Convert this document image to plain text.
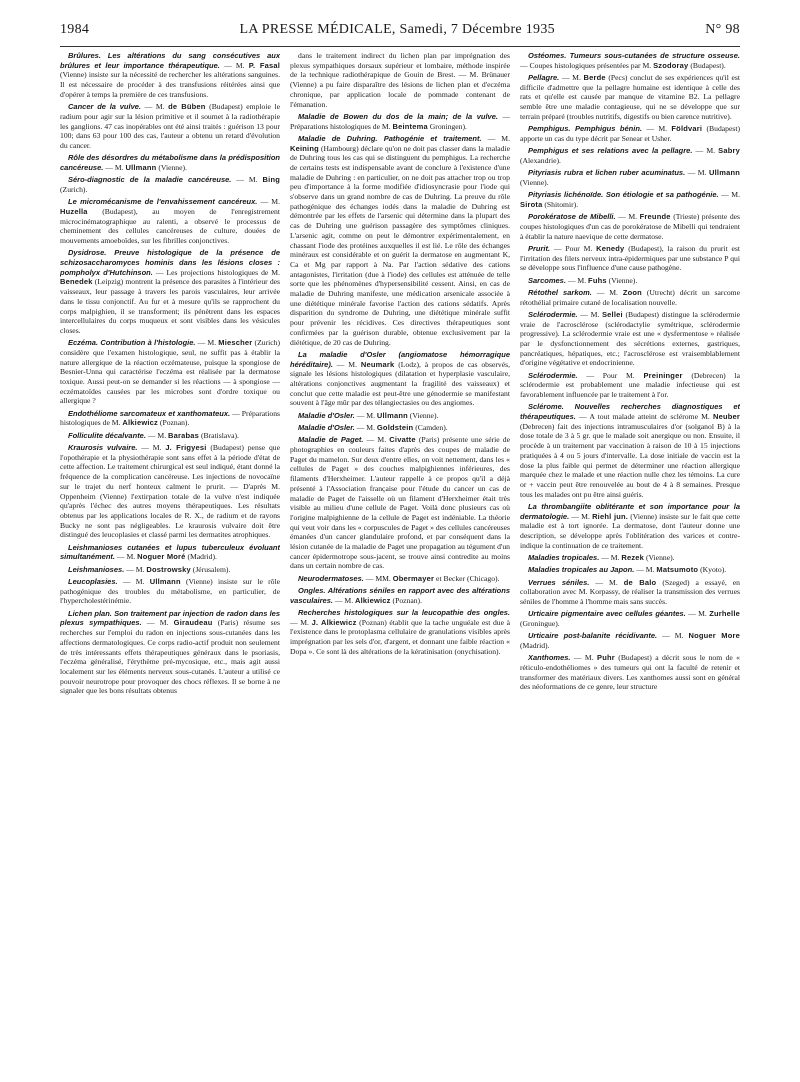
1984	LA PRESSE MÉDICALE, Samedi, 7 Décembre 1935	N° 98

Brûlures. Les altérations du sang consécutives aux brûlures et leur importance thérapeutique. — M. P. Fasal (Vienne) insiste sur la nécessité de rechercher les altérations sanguines. Il est nécessaire de procéder à des transfusions réitérées ainsi que d'opérer à temps la première de ces transfusions.

Cancer de la vulve. — M. de Büben (Budapest) emploie le radium pour agir sur la lésion primitive et il soumet à la radiothérapie les ganglions. 47 cas inopérables ont été ainsi traités : guérison 13 pour 100; dans 63 pour 100 des cas, l'auteur a obtenu un retard d'évolution du cancer.

Rôle des désordres du métabolisme dans la prédisposition cancéreuse. — M. Ullmann (Vienne).

Séro-diagnostic de la maladie cancéreuse. — M. Bing (Zurich).

Le micromécanisme de l'envahissement cancéreux. — M. Huzella (Budapest), au moyen de l'enregistrement microcinématographique au ralenti, a observé le processus de cheminement des cellules cancéreuses de culture, douées de mouvements amoeboïdes, sur les fibrilles conjonctives.

Dysidrose. Preuve histologique de la présence de schizosaccharomyces hominis dans les lésions closes : pompholyx d'Hutchinson. — Les projections histologiques de M. Benedek (Leipzig) montrent la présence des parasites à l'intérieur des vaisseaux, leur passage à travers les parois vasculaires, leur arrivée dans le tissu conjonctif. Au fur et à mesure qu'ils se rapprochent du corps malpighien, il se transforment; ils pénètrent dans les espaces intercellulaires du corps muqueux et sont visibles dans les vésicules closes.

Eczéma. Contribution à l'histologie. — M. Miescher (Zurich) considère que l'examen histologique, seul, ne suffit pas à établir la nature allergique de la réaction eczémateuse, puisque la spongiose de Besnier-Unna qui caractérise l'eczéma est réalisée par la dermatose toxique. Aussi peut-on se demander si les réactions — à spongiose — eczématoïdes causées par les microbes sont d'ordre toxique ou allergique ?

Endothéliome sarcomateux et xanthomateux. — Préparations histologiques de M. Alkiewicz (Poznan).

Folliculite décalvante. — M. Barabas (Bratislava).

Kraurosis vulvaire. — M. J. Frigyesi (Budapest) pense que l'opothérapie et la physiothérapie sont sans effet à la période d'état de cette affection. Le traitement chirurgical est seul indiqué, étant donné la fréquence de la complication cancéreuse. Les injections de novocaïne sur le trajet du nerf honteux calment le prurit. — D'après M. Oppenheim (Vienne) l'extirpation totale de la vulve n'est indiquée qu'après l'échec des autres moyens thérapeutiques. Les résultats obtenus par les applications locales de R. X., de radium et de rayons Bucky ne sont pas négligeables. Le kraurosis vulvaire doit être distingué des leucoplasies et classé parmi les dermatites atrophiques.

Leishmanioses cutanées et lupus tuberculeux évoluant simultanément. — M. Noguer Moré (Madrid).

Leishmanioses. — M. Dostrowsky (Jérusalem).

Leucoplasies. — M. Ullmann (Vienne) insiste sur le rôle pathogénique des troubles du métabolisme, en particulier, de l'hypercholestérinémie.

Lichen plan. Son traitement par injection de radon dans les plexus sympathiques. — M. Giraudeau (Paris) résume ses recherches sur l'emploi du radon en injections sous-cutanées dans les affections dermatologiques. Ce corps radio-actif produit non seulement de très intéressants effets thérapeutiques généraux dans le psoriasis, l'eczéma généralisé, l'érythème pré-mycosique, etc., mais agit aussi localement sur les éléments nerveux sous-cutanés. L'auteur a utilisé ce pouvoir neurotrope pour provoquer des chocs réflexes. Il se borne à ne signaler que les bons résultats obtenus

dans le traitement indirect du lichen plan par imprégnation des plexus sympathiques dorsaux supérieur et lombaire, méthode inspirée de la technique radiothérapique de Gouin de Brest. — M. Brünauer (Vienne) a pu faire disparaître des lésions de lichen plan et d'eczéma chronique, par application locale de pommade contenant de l'émanation.

Maladie de Bowen du dos de la main; de la vulve. — Préparations histologiques de M. Beintema Groningen).

Maladie de Duhring. Pathogénie et traitement. — M. Keining (Hambourg) déclare qu'on ne doit pas classer dans la maladie de Duhring tous les cas qui se distinguent du pemphigus. La recherche de certains tests est indispensable avant de conclure à l'existence d'une maladie de Duhring : en particulier, on ne doit pas attacher trop ou trop peu d'importance à la forme modifiée d'idiosyncrasie pour l'iode qui s'observe dans un grand nombre de cas de Duhring. La preuve du rôle pathogénique des échanges iodés dans la maladie de Duhring est démontrée par les effets de l'arsenic qui détermine dans la plupart des cas de Duhring une guérison passagère des symptômes cliniques. L'arsenic agit, comme on peut le démontrer expérimentalement, en chassant l'iode des protéines auxquelles il est lié. Le rôle des échanges minéraux est considérable et on guérit la dermatose en augmentant K, Ca et Mg par rapport à Na. Par l'action sédative des cations antagonistes, l'irritation (due à l'iode) des cellules est atténuée de telle sorte que les phénomènes d'hypersensibilité cessent. Ainsi, en cas de maladie de Duhring manifeste, une médication arsenicale associée à une diététique minérale favorise l'action des cations sédatifs. Après disparition du syndrome de Duhring, une diététique minérale suffit pour prévenir les récidives. Ces directives thérapeutiques sont confirmées par la guérison durable, obtenue exclusivement par la diététique, de 20 cas de Duhring.

La maladie d'Osler (angiomatose hémorragique héréditaire). — M. Neumark (Lodz), à propos de cas observés, signale les lésions histologiques (dilatation et hyperplasie vasculaire, altérations conjonctives augmentant la fragilité des vaisseaux) et conclut que cette maladie est peut-être une génodermie se manifestant souvent à l'âge mûr par des télangiectasies ou des angiomes.

Maladie d'Osler. — M. Ullmann (Vienne).

Maladie d'Osler. — M. Goldstein (Camden).

Maladie de Paget. — M. Civatte (Paris) présente une série de photographies en couleurs faites d'après des coupes de maladie de Paget du mamelon. Sur deux d'entre elles, on voit nettement, dans les « cellules de Paget » des couches malpighiennes inférieures, des filaments d'Herxheimer. L'auteur rappelle à ce propos qu'il a déjà présenté à l'Association française pour l'étude du cancer un cas de maladie de Paget de l'aisselle où un filament d'Herxheimer était très visible au milieu d'une cellule de Paget. Voilà donc plusieurs cas où l'origine malpighienne de la cellule de Paget est indéniable. La théorie qui veut voir dans les « corpuscules de Paget » des cellules cancéreuses émanées d'un cancer glandulaire profond, et par conséquent dans la lésion cutanée de la maladie de Paget une propagation au tégument d'un cancer épidermotrope sous-jacent, se trouve ainsi contredite au moins dans un certain nombre de cas.

Neurodermatoses. — MM. Obermayer et Becker (Chicago).

Ongles. Altérations séniles en rapport avec des altérations vasculaires. — M. Alkiewicz (Poznan).

Recherches histologiques sur la leucopathie des ongles. — M. J. Alkiewicz (Poznan) établit que la tache unguéale est due à l'existence dans le protoplasma cellulaire de granulations visibles après imprégnation par les sels d'or, d'argent, et donnant une faible réaction « Dopa ». Ce sont là des altérations de la kératinisation (onychisation).

Ostéomes. Tumeurs sous-cutanées de structure osseuse. — Coupes histologiques présentées par M. Szodoray (Budapest).

Pellagre. — M. Berde (Pecs) conclut de ses expériences qu'il est difficile d'admettre que la pellagre humaine est identique à celle des rats et qu'elle est causée par manque de vitamine B2. La pellagre semble être une maladie contagieuse, qui ne se développe que sur terrain préparé (troubles nutritifs, digestifs ou bien carence nutritive).

Pemphigus. Pemphigus bénin. — M. Földvari (Budapest) apporte un cas du type décrit par Senear et Usher.

Pemphigus et ses relations avec la pellagre. — M. Sabry (Alexandrie).

Pityriasis rubra et lichen ruber acuminatus. — M. Ullmann (Vienne).

Pityriasis lichénoïde. Son étiologie et sa pathogénie. — M. Sirota (Shitomir).

Porokératose de Mibelli. — M. Freunde (Trieste) présente des coupes histologiques d'un cas de porokératose de Mibelli qui tendraient à établir la nature naevique de cette dermatose.

Prurit. — Pour M. Kenedy (Budapest), la raison du prurit est l'irritation des filets nerveux intra-épidermiques par une substance P qui se développe sous l'influence d'une cause pathogène.

Sarcomes. — M. Fuhs (Vienne).

Rétothel sarkom. — M. Zoon (Utrecht) décrit un sarcome rétothélial primaire cutané de localisation nouvelle.

Sclérodermie. — M. Sellei (Budapest) distingue la sclérodermie vraie de l'acrosclérose (sclérodactylie symétrique, sclérodermie progressive). La sclérodermie vraie est une « dysfermentose » réalisée par le dysfonctionnement des sécrétions externes, gastriques, pancréatiques, hépatiques, etc.; l'acrosclérose est vraisemblablement d'origine végétative et endocrinienne.

Sclérodermie. — Pour M. Preininger (Debrecen) la sclérodermie est probablement une maladie infectieuse qui est favorablement influencée par le traitement à l'or.

Sclérome. Nouvelles recherches diagnostiques et thérapeutiques. — A tout malade atteint de sclérome M. Neuber (Debrecen) fait des injections intramusculaires d'or (solganol B) à la dose totale de 3 à 5 gr. que le malade soit anergique ou non. Ensuite, il procède à un traitement par vaccination à raison de 10 à 15 injections pratiquées à 4 ou 5 jours d'intervalle. La dose initiale de vaccin est la dose la plus faible qui permet de déterminer une réaction allergique marquée chez le malade et une réaction nulle chez les témoins. La cure or + vaccin peut être renouvelée au bout de 4 à 8 semaines. Presque tous les malades ont pu être ainsi guéris.

La thrombangiite oblitérante et son importance pour la dermatologie. — M. Riehl jun. (Vienne) insiste sur le fait que cette maladie est à tort ignorée. La dermatose, dont l'auteur donne une description, se développe après l'oblitération des varices et contre-indique la continuation de ce traitement.

Maladies tropicales. — M. Rezek (Vienne).

Maladies tropicales au Japon. — M. Matsumoto (Kyoto).

Verrues séniles. — M. de Balo (Szeged) a essayé, en collaboration avec M. Korpassy, de réaliser la transmission des verrues séniles de l'homme à l'homme mais sans succès.

Urticaire pigmentaire avec cellules géantes. — M. Zurhelle (Groningue).

Urticaire post-balanite récidivante. — M. Noguer More (Madrid).

Xanthomes. — M. Puhr (Budapest) a décrit sous le nom de « réticulo-endothéliomes » des tumeurs qui ont la faculté de retenir et transformer des matériaux divers. Les xanthomes aussi sont en général des néoformations de ce genre, leur structure
